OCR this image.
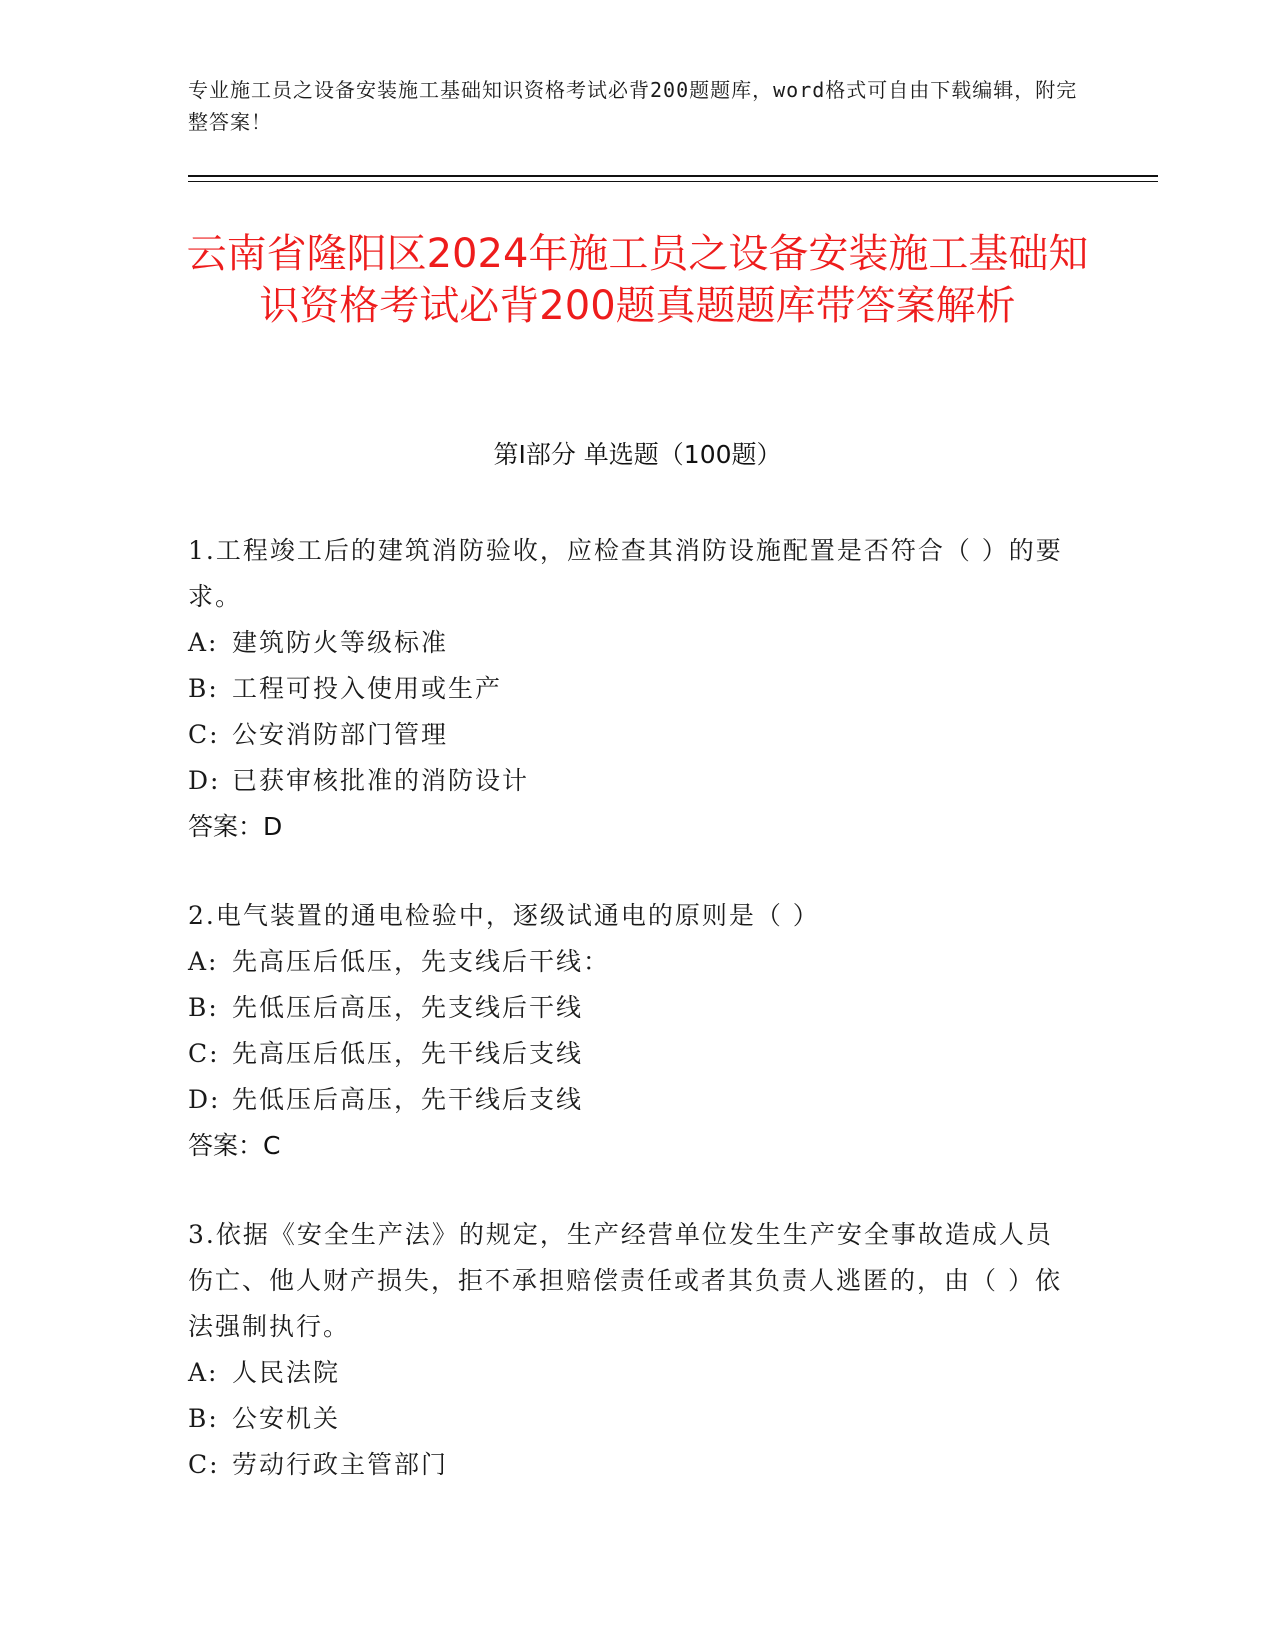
专业施工员之设备安装施工基础知识资格考试必背200题题库，word格式可自由下载编辑，附完整答案！
云南省隆阳区2024年施工员之设备安装施工基础知识资格考试必背200题真题题库带答案解析
第Ⅰ部分 单选题（100题）
1.工程竣工后的建筑消防验收，应检查其消防设施配置是否符合（ ）的要求。
A: 建筑防火等级标准
B: 工程可投入使用或生产
C: 公安消防部门管理
D: 已获审核批准的消防设计
答案：D
2.电气装置的通电检验中，逐级试通电的原则是（ ）
A: 先高压后低压，先支线后干线：
B: 先低压后高压，先支线后干线
C: 先高压后低压，先干线后支线
D: 先低压后高压，先干线后支线
答案：C
3.依据《安全生产法》的规定，生产经营单位发生生产安全事故造成人员伤亡、他人财产损失，拒不承担赔偿责任或者其负责人逃匿的，由（ ）依法强制执行。
A: 人民法院
B: 公安机关
C: 劳动行政主管部门
